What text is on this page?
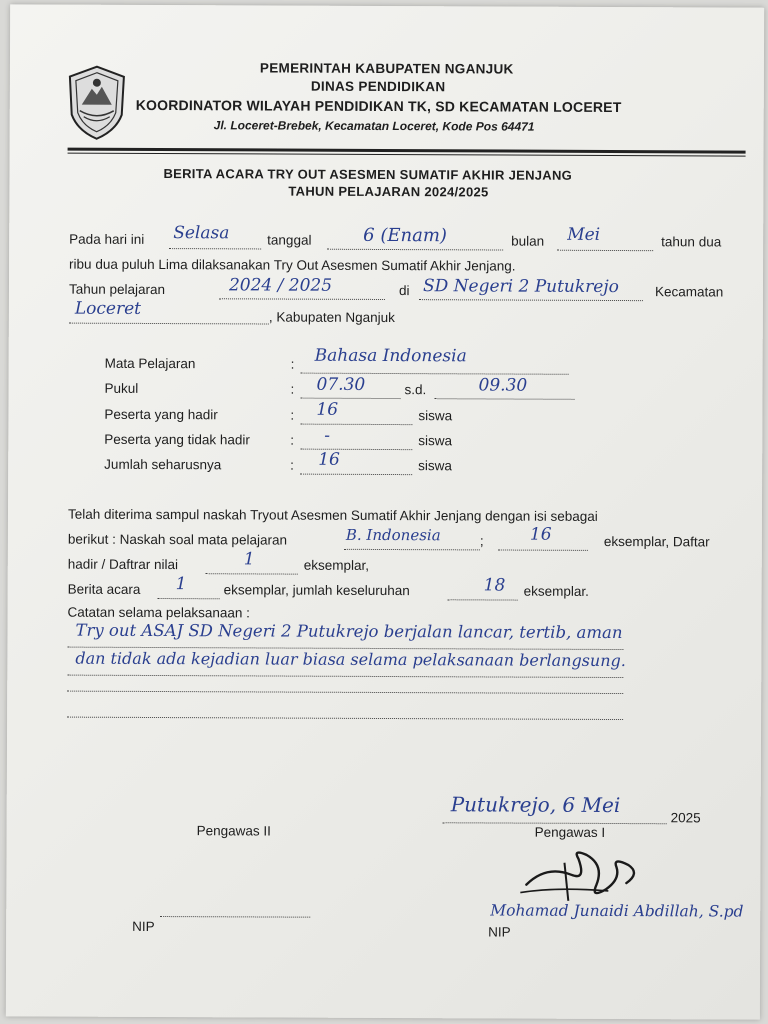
PEMERINTAH KABUPATEN NGANJUK
DINAS PENDIDIKAN
KOORDINATOR WILAYAH PENDIDIKAN TK, SD KECAMATAN LOCERET
Jl. Loceret-Brebek, Kecamatan Loceret, Kode Pos 64471
BERITA ACARA TRY OUT ASESMEN SUMATIF AKHIR JENJANG
TAHUN PELAJARAN 2024/2025
Pada hari ini Selasa	tanggal	6 (Enam)	bulan Mei	tahun dua
ribu dua puluh Lima dilaksanakan Try Out Asesmen Sumatif Akhir Jenjang.
Tahun pelajaran	2024 / 2025	di SD Negeri 2 Putukrejo	Kecamatan
Loceret	, Kabupaten Nganjuk
Mata Pelajaran	: Bahasa Indonesia
Pukul	: 07.30	s.d.	09.30
Peserta yang hadir	: 16	siswa
Peserta yang tidak hadir	: -	siswa
Jumlah seharusnya	: 16	siswa
Telah diterima sampul naskah Tryout Asesmen Sumatif Akhir Jenjang dengan isi sebagai
berikut : Naskah soal mata pelajaran	B. Indonesia	;	16	eksemplar, Daftar
hadir / Daftrar nilai	1	eksemplar,
Berita acara 1	eksemplar, jumlah keseluruhan	18 eksemplar.
Catatan selama pelaksanaan :
Try out ASAJ SD Negeri 2 Putukrejo berjalan lancar, tertib, aman
dan tidak ada kejadian luar biasa selama pelaksanaan berlangsung.
Putukrejo, 6 Mei
2025
Pengawas II	Pengawas I
Mohamad Junaidi Abdillah, S.pd
NIP	NIP
